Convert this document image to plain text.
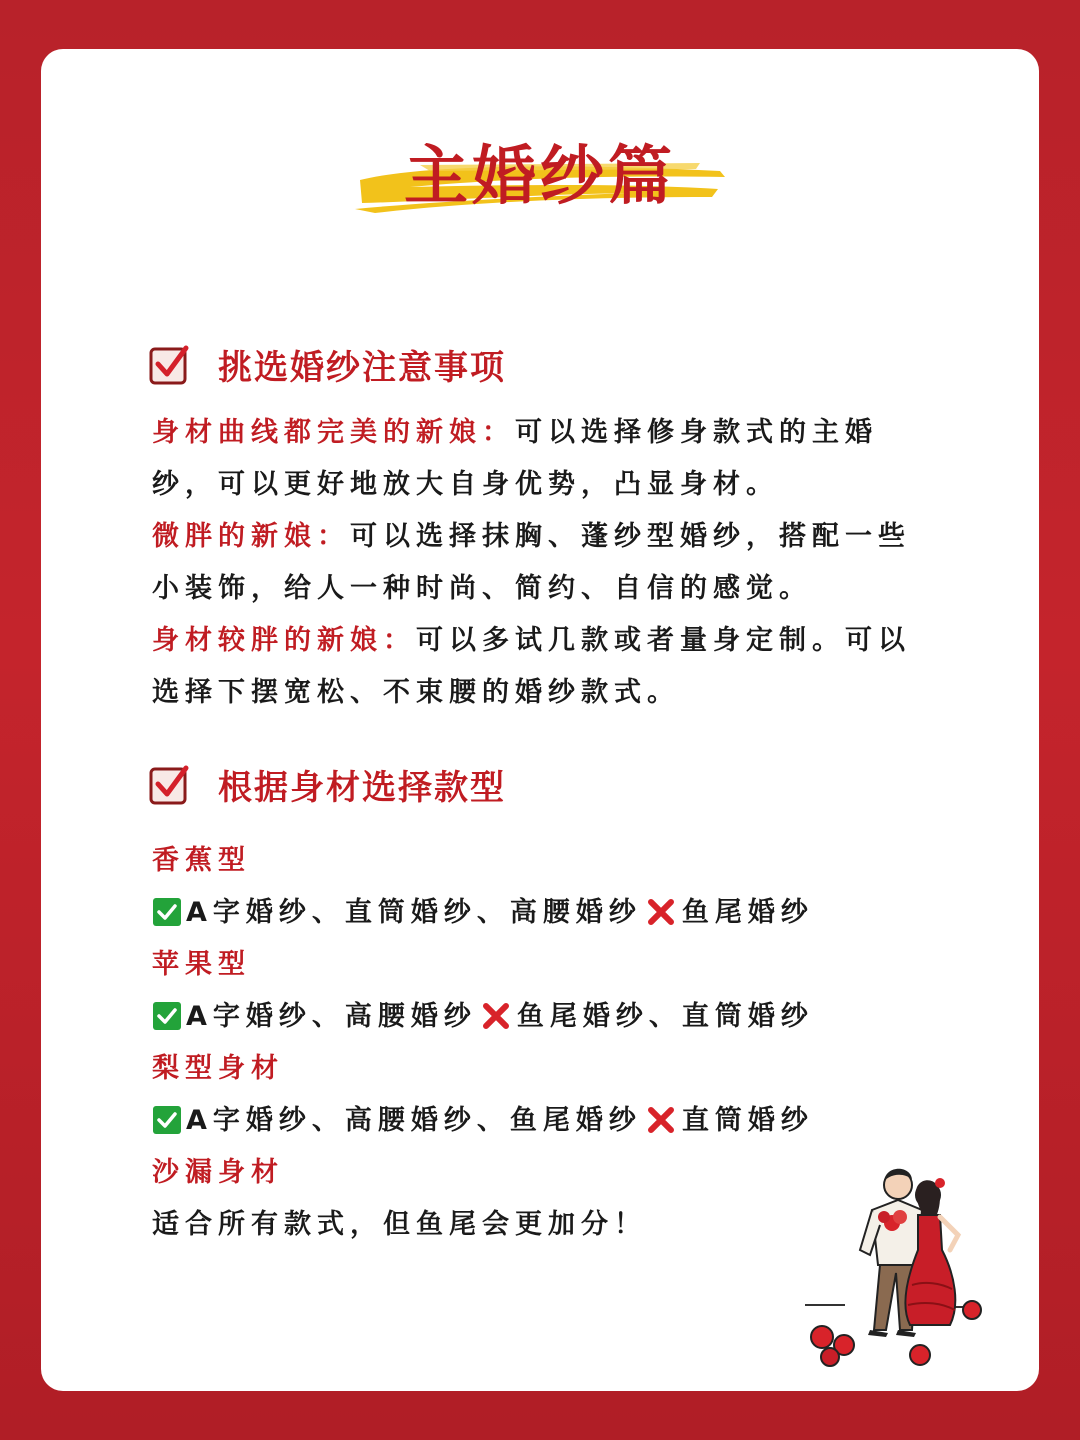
主婚纱篇
挑选婚纱注意事项
身材曲线都完美的新娘：可以选择修身款式的主婚
纱，可以更好地放大自身优势，凸显身材。
微胖的新娘：可以选择抹胸、蓬纱型婚纱，搭配一些
小装饰，给人一种时尚、简约、自信的感觉。
身材较胖的新娘：可以多试几款或者量身定制。可以
选择下摆宽松、不束腰的婚纱款式。
根据身材选择款型
香蕉型
A字婚纱、直筒婚纱、高腰婚纱 鱼尾婚纱
苹果型
A字婚纱、高腰婚纱 鱼尾婚纱、直筒婚纱
梨型身材
A字婚纱、高腰婚纱、鱼尾婚纱 直筒婚纱
沙漏身材
适合所有款式，但鱼尾会更加分！
